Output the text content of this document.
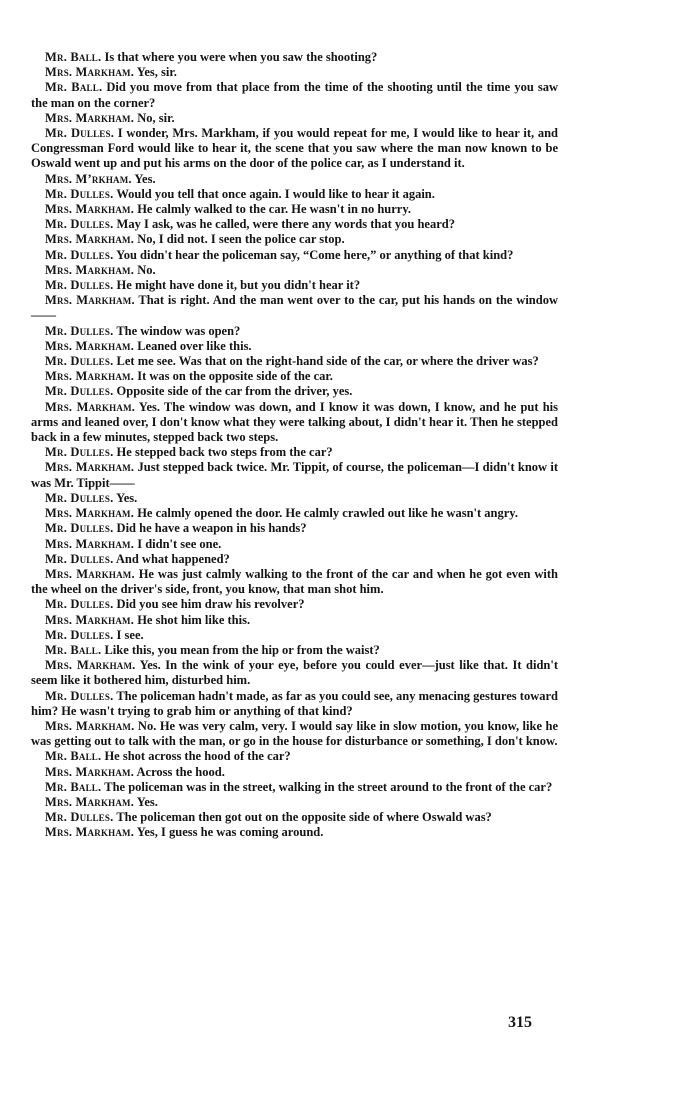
Mr. Ball. Is that where you were when you saw the shooting?

Mrs. Markham. Yes, sir.

Mr. Ball. Did you move from that place from the time of the shooting until the time you saw the man on the corner?

Mrs. Markham. No, sir.

Mr. Dulles. I wonder, Mrs. Markham, if you would repeat for me, I would like to hear it, and Congressman Ford would like to hear it, the scene that you saw where the man now known to be Oswald went up and put his arms on the door of the police car, as I understand it.

Mrs. Mʼrkham. Yes.

Mr. Dulles. Would you tell that once again. I would like to hear it again.

Mrs. Markham. He calmly walked to the car. He wasn't in no hurry.

Mr. Dulles. May I ask, was he called, were there any words that you heard?

Mrs. Markham. No, I did not. I seen the police car stop.

Mr. Dulles. You didn't hear the policeman say, “Come here,” or anything of that kind?

Mrs. Markham. No.

Mr. Dulles. He might have done it, but you didn't hear it?

Mrs. Markham. That is right. And the man went over to the car, put his hands on the window——

Mr. Dulles. The window was open?

Mrs. Markham. Leaned over like this.

Mr. Dulles. Let me see. Was that on the right-hand side of the car, or where the driver was?

Mrs. Markham. It was on the opposite side of the car.

Mr. Dulles. Opposite side of the car from the driver, yes.

Mrs. Markham. Yes. The window was down, and I know it was down, I know, and he put his arms and leaned over, I don't know what they were talking about, I didn't hear it. Then he stepped back in a few minutes, stepped back two steps.

Mr. Dulles. He stepped back two steps from the car?

Mrs. Markham. Just stepped back twice. Mr. Tippit, of course, the policeman—I didn't know it was Mr. Tippit——

Mr. Dulles. Yes.

Mrs. Markham. He calmly opened the door. He calmly crawled out like he wasn't angry.

Mr. Dulles. Did he have a weapon in his hands?

Mrs. Markham. I didn't see one.

Mr. Dulles. And what happened?

Mrs. Markham. He was just calmly walking to the front of the car and when he got even with the wheel on the driver's side, front, you know, that man shot him.

Mr. Dulles. Did you see him draw his revolver?

Mrs. Markham. He shot him like this.

Mr. Dulles. I see.

Mr. Ball. Like this, you mean from the hip or from the waist?

Mrs. Markham. Yes. In the wink of your eye, before you could ever—just like that. It didn't seem like it bothered him, disturbed him.

Mr. Dulles. The policeman hadn't made, as far as you could see, any menacing gestures toward him? He wasn't trying to grab him or anything of that kind?

Mrs. Markham. No. He was very calm, very. I would say like in slow motion, you know, like he was getting out to talk with the man, or go in the house for disturbance or something, I don't know.

Mr. Ball. He shot across the hood of the car?

Mrs. Markham. Across the hood.

Mr. Ball. The policeman was in the street, walking in the street around to the front of the car?

Mrs. Markham. Yes.

Mr. Dulles. The policeman then got out on the opposite side of where Oswald was?

Mrs. Markham. Yes, I guess he was coming around.

315
